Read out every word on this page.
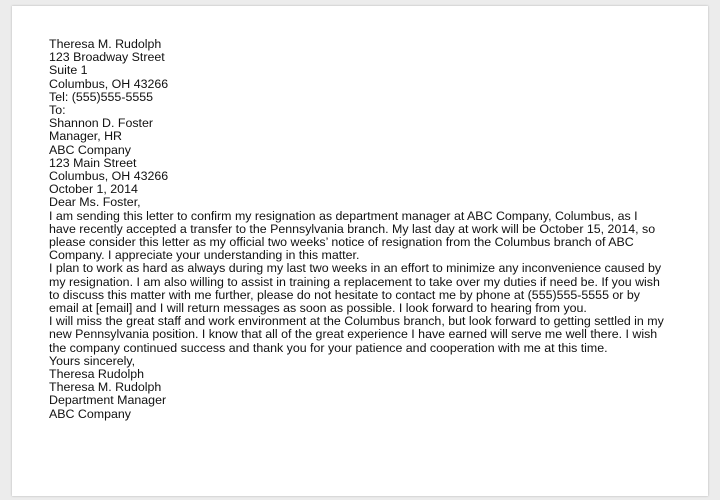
Theresa M. Rudolph
123 Broadway Street
Suite 1
Columbus, OH 43266
Tel: (555)555-5555
To:
Shannon D. Foster
Manager, HR
ABC Company
123 Main Street
Columbus, OH 43266
October 1, 2014
Dear Ms. Foster,
I am sending this letter to confirm my resignation as department manager at ABC Company, Columbus, as I have recently accepted a transfer to the Pennsylvania branch. My last day at work will be October 15, 2014, so please consider this letter as my official two weeks’ notice of resignation from the Columbus branch of ABC Company. I appreciate your understanding in this matter.
I plan to work as hard as always during my last two weeks in an effort to minimize any inconvenience caused by my resignation. I am also willing to assist in training a replacement to take over my duties if need be. If you wish to discuss this matter with me further, please do not hesitate to contact me by phone at (555)555-5555 or by email at [email] and I will return messages as soon as possible. I look forward to hearing from you.
I will miss the great staff and work environment at the Columbus branch, but look forward to getting settled in my new Pennsylvania position. I know that all of the great experience I have earned will serve me well there. I wish the company continued success and thank you for your patience and cooperation with me at this time.
Yours sincerely,
Theresa Rudolph
Theresa M. Rudolph
Department Manager
ABC Company
